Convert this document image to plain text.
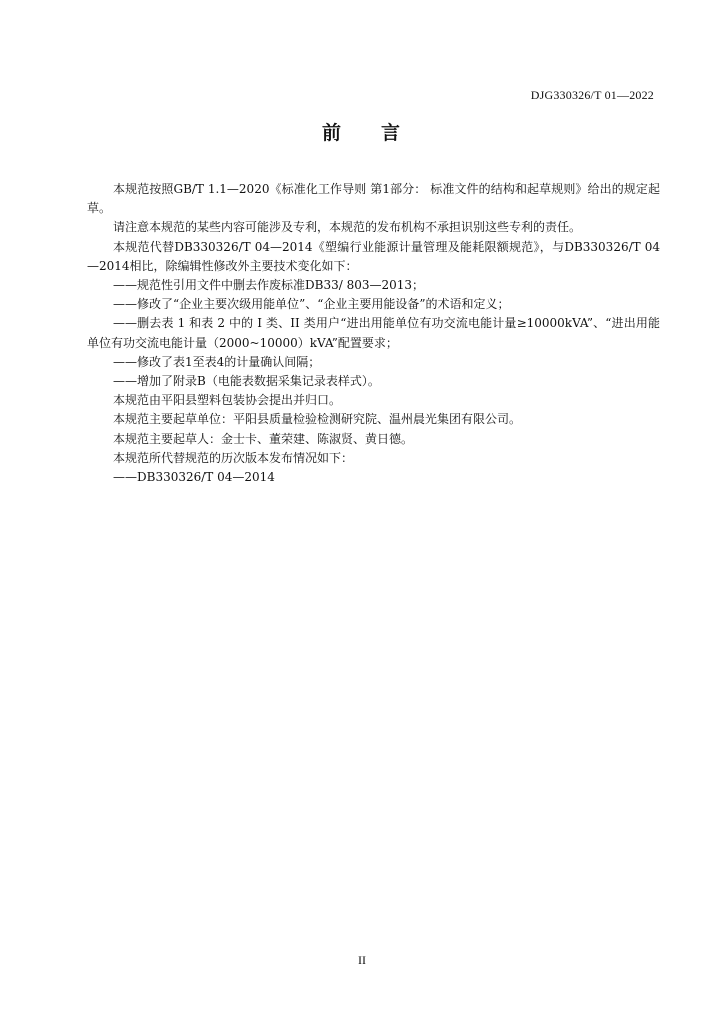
DJG330326/T 01—2022
前 言

本规范按照GB/T 1.1—2020《标准化工作导则 第1部分： 标准文件的结构和起草规则》给出的规定起草。

请注意本规范的某些内容可能涉及专利，本规范的发布机构不承担识别这些专利的责任。

本规范代替DB330326/T 04—2014《塑编行业能源计量管理及能耗限额规范》，与DB330326/T 04—2014相比，除编辑性修改外主要技术变化如下：

——规范性引用文件中删去作废标准DB33/ 803—2013；

——修改了“企业主要次级用能单位”、“企业主要用能设备”的术语和定义；

——删去表 1 和表 2 中的 I 类、II 类用户“进出用能单位有功交流电能计量≥10000kVA”、“进出用能单位有功交流电能计量（2000~10000）kVA”配置要求；

——修改了表1至表4的计量确认间隔；

——增加了附录B（电能表数据采集记录表样式）。

本规范由平阳县塑料包装协会提出并归口。

本规范主要起草单位：平阳县质量检验检测研究院、温州晨光集团有限公司。

本规范主要起草人：金士卡、董荣建、陈淑贤、黄日德。

本规范所代替规范的历次版本发布情况如下：

——DB330326/T 04—2014

II
